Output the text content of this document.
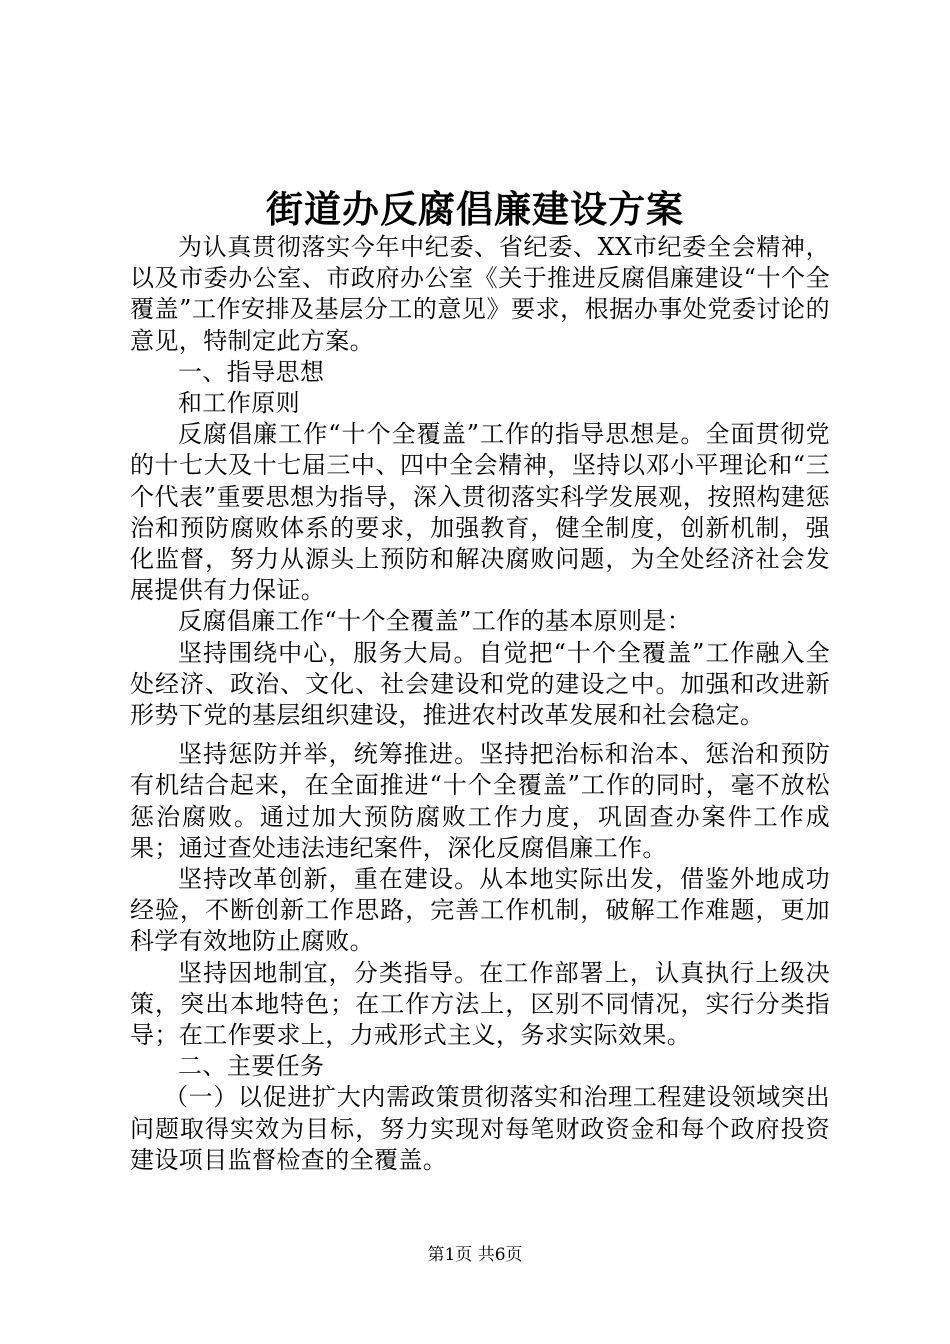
街道办反腐倡廉建设方案

为认真贯彻落实今年中纪委、省纪委、XX市纪委全会精神，以及市委办公室、市政府办公室《关于推进反腐倡廉建设“十个全覆盖”工作安排及基层分工的意见》要求，根据办事处党委讨论的意见，特制定此方案。

一、指导思想

和工作原则

反腐倡廉工作“十个全覆盖”工作的指导思想是。全面贯彻党的十七大及十七届三中、四中全会精神，坚持以邓小平理论和“三个代表”重要思想为指导，深入贯彻落实科学发展观，按照构建惩治和预防腐败体系的要求，加强教育，健全制度，创新机制，强化监督，努力从源头上预防和解决腐败问题，为全处经济社会发展提供有力保证。

反腐倡廉工作“十个全覆盖”工作的基本原则是：

坚持围绕中心，服务大局。自觉把“十个全覆盖”工作融入全处经济、政治、文化、社会建设和党的建设之中。加强和改进新形势下党的基层组织建设，推进农村改革发展和社会稳定。

坚持惩防并举，统筹推进。坚持把治标和治本、惩治和预防有机结合起来，在全面推进“十个全覆盖”工作的同时，毫不放松惩治腐败。通过加大预防腐败工作力度，巩固查办案件工作成果；通过查处违法违纪案件，深化反腐倡廉工作。

坚持改革创新，重在建设。从本地实际出发，借鉴外地成功经验，不断创新工作思路，完善工作机制，破解工作难题，更加科学有效地防止腐败。

坚持因地制宜，分类指导。在工作部署上，认真执行上级决策，突出本地特色；在工作方法上，区别不同情况，实行分类指导；在工作要求上，力戒形式主义，务求实际效果。

二、主要任务

（一）以促进扩大内需政策贯彻落实和治理工程建设领域突出问题取得实效为目标，努力实现对每笔财政资金和每个政府投资建设项目监督检查的全覆盖。

第1页 共6页
